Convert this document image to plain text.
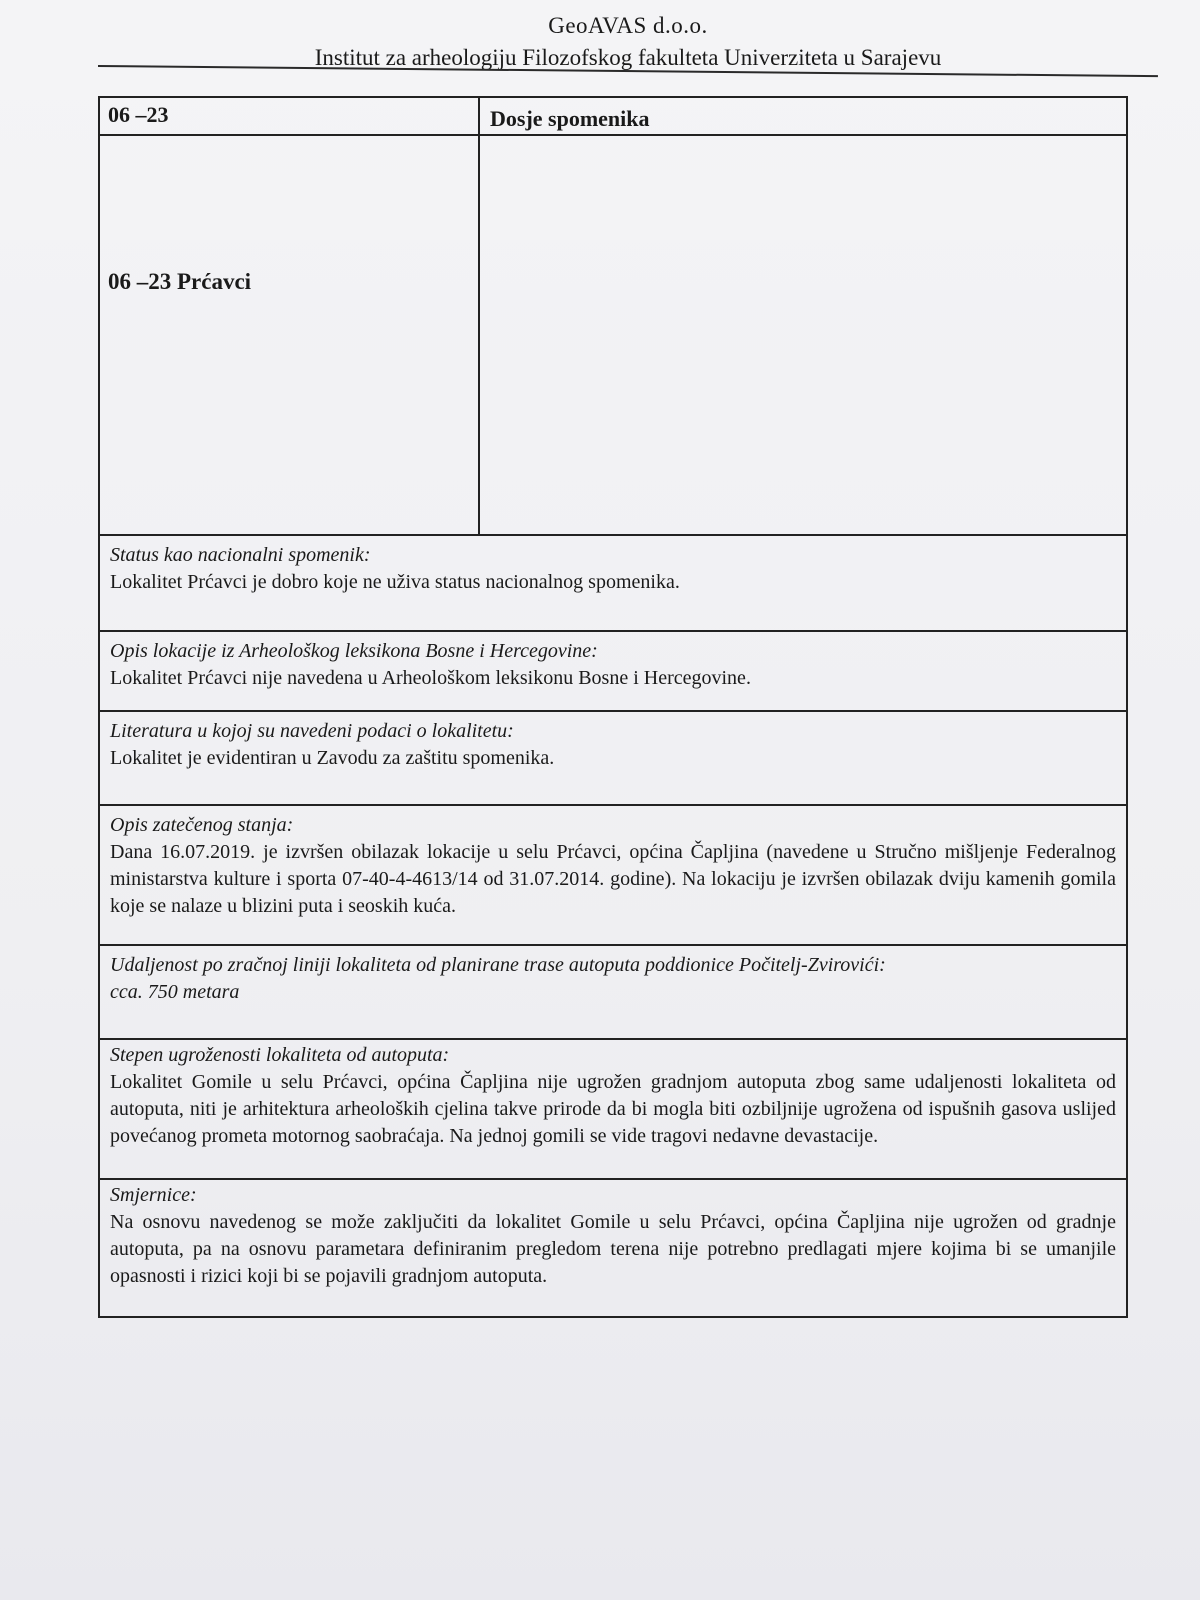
GeoAVAS d.o.o.
Institut za arheologiju Filozofskog fakulteta Univerziteta u Sarajevu
06 –23	Dosje spomenika
06 –23 Prćavci
Status kao nacionalni spomenik:
Lokalitet Prćavci je dobro koje ne uživa status nacionalnog spomenika.
Opis lokacije iz Arheološkog leksikona Bosne i Hercegovine:
Lokalitet Prćavci nije navedena u Arheološkom leksikonu Bosne i Hercegovine.
Literatura u kojoj su navedeni podaci o lokalitetu:
Lokalitet je evidentiran u Zavodu za zaštitu spomenika.
Opis zatečenog stanja:
Dana 16.07.2019. je izvršen obilazak lokacije u selu Prćavci, općina Čapljina (navedene u Stručno mišljenje Federalnog ministarstva kulture i sporta 07-40-4-4613/14 od 31.07.2014. godine). Na lokaciju je izvršen obilazak dviju kamenih gomila koje se nalaze u blizini puta i seoskih kuća.
Udaljenost po zračnoj liniji lokaliteta od planirane trase autoputa poddionice Počitelj-Zvirovići:
cca. 750 metara
Stepen ugroženosti lokaliteta od autoputa:
Lokalitet Gomile u selu Prćavci, općina Čapljina nije ugrožen gradnjom autoputa zbog same udaljenosti lokaliteta od autoputa, niti je arhitektura arheoloških cjelina takve prirode da bi mogla biti ozbiljnije ugrožena od ispušnih gasova uslijed povećanog prometa motornog saobraćaja. Na jednoj gomili se vide tragovi nedavne devastacije.
Smjernice:
Na osnovu navedenog se može zaključiti da lokalitet Gomile u selu Prćavci, općina Čapljina nije ugrožen od gradnje autoputa, pa na osnovu parametara definiranim pregledom terena nije potrebno predlagati mjere kojima bi se umanjile opasnosti i rizici koji bi se pojavili gradnjom autoputa.
